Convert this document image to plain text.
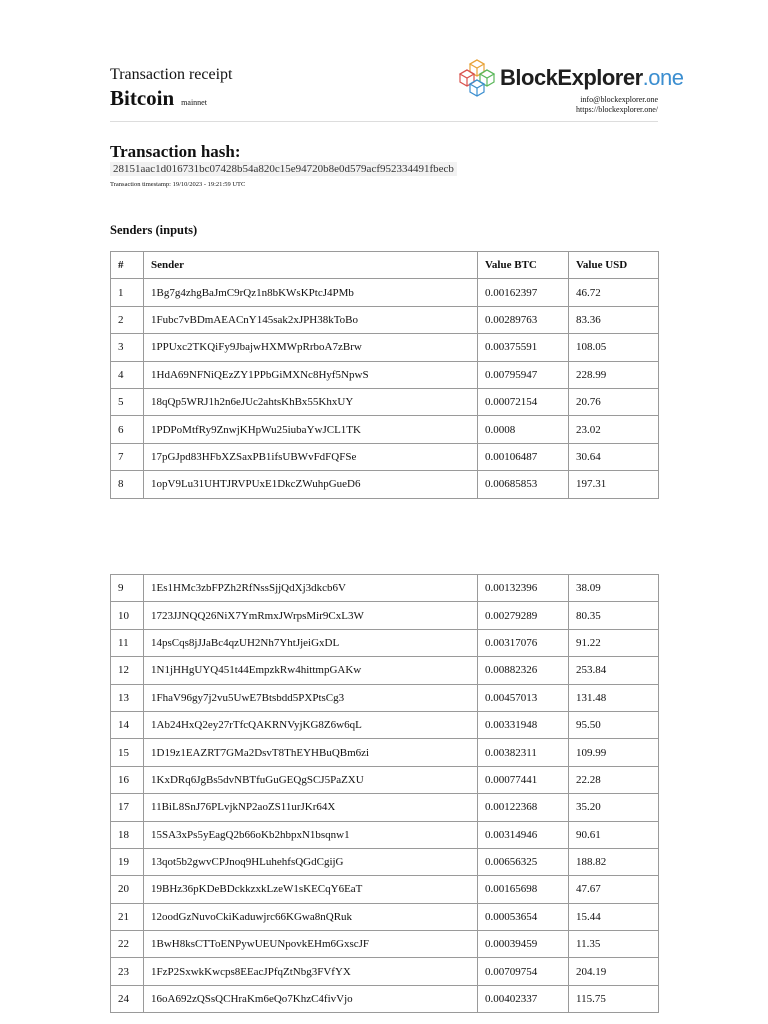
Transaction receipt
Bitcoin mainnet
BlockExplorer.one
info@blockexplorer.one
https://blockexplorer.one/
Transaction hash:
28151aac1d016731bc07428b54a820c15e94720b8e0d579acf952334491fbecb
Transaction timestamp: 19/10/2023 - 19:21:59 UTC
Senders (inputs)
#	Sender	Value BTC	Value USD
1	1Bg7g4zhgBaJmC9rQz1n8bKWsKPtcJ4PMb	0.00162397	46.72
2	1Fubc7vBDmAEACnY145sak2xJPH38kToBo	0.00289763	83.36
3	1PPUxc2TKQiFy9JbajwHXMWpRrboA7zBrw	0.00375591	108.05
4	1HdA69NFNiQEzZY1PPbGiMXNc8Hyf5NpwS	0.00795947	228.99
5	18qQp5WRJ1h2n6eJUc2ahtsKhBx55KhxUY	0.00072154	20.76
6	1PDPoMtfRy9ZnwjKHpWu25iubaYwJCL1TK	0.0008	23.02
7	17pGJpd83HFbXZSaxPB1ifsUBWvFdFQFSe	0.00106487	30.64
8	1opV9Lu31UHTJRVPUxE1DkcZWuhpGueD6	0.00685853	197.31
9	1Es1HMc3zbFPZh2RfNssSjjQdXj3dkcb6V	0.00132396	38.09
10	1723JJNQQ26NiX7YmRmxJWrpsMir9CxL3W	0.00279289	80.35
11	14psCqs8jJJaBc4qzUH2Nh7YhtJjeiGxDL	0.00317076	91.22
12	1N1jHHgUYQ451t44EmpzkRw4hittmpGAKw	0.00882326	253.84
13	1FhaV96gy7j2vu5UwE7Btsbdd5PXPtsCg3	0.00457013	131.48
14	1Ab24HxQ2ey27rTfcQAKRNVyjKG8Z6w6qL	0.00331948	95.50
15	1D19z1EAZRT7GMa2DsvT8ThEYHBuQBm6zi	0.00382311	109.99
16	1KxDRq6JgBs5dvNBTfuGuGEQgSCJ5PaZXU	0.00077441	22.28
17	11BiL8SnJ76PLvjkNP2aoZS11urJKr64X	0.00122368	35.20
18	15SA3xPs5yEagQ2b66oKb2hbpxN1bsqnw1	0.00314946	90.61
19	13qot5b2gwvCPJnoq9HLuhehfsQGdCgijG	0.00656325	188.82
20	19BHz36pKDeBDckkzxkLzeW1sKECqY6EaT	0.00165698	47.67
21	12oodGzNuvoCkiKaduwjrc66KGwa8nQRuk	0.00053654	15.44
22	1BwH8ksCTToENPywUEUNpovkEHm6GxscJF	0.00039459	11.35
23	1FzP2SxwkKwcps8EEacJPfqZtNbg3FVfYX	0.00709754	204.19
24	16oA692zQSsQCHraKm6eQo7KhzC4fivVjo	0.00402337	115.75
